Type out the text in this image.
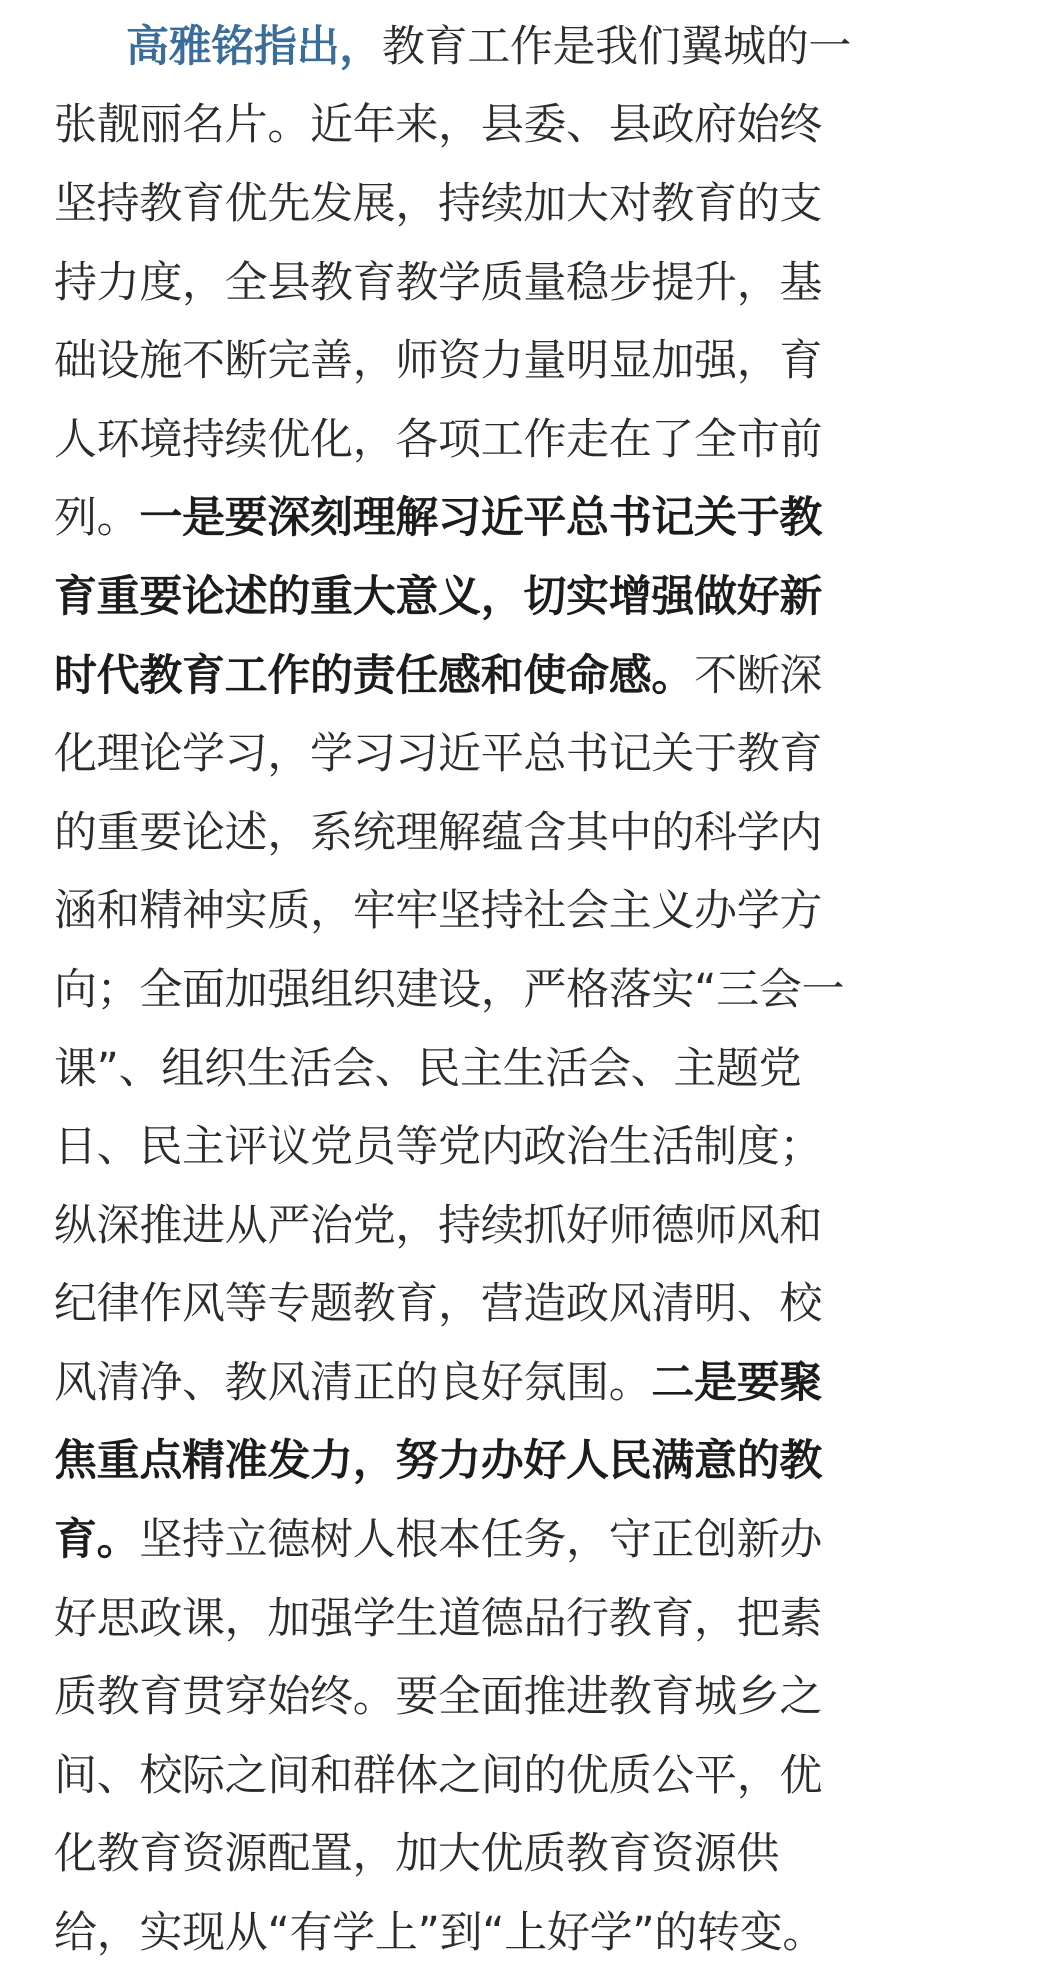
高雅铭指出， 教育工作是我们翼城的一
张靓丽名片。近年来，县委、县政府始终
坚持教育优先发展，持续加大对教育的支
持力度，全县教育教学质量稳步提升，基
础设施不断完善，师资力量明显加强，育
人环境持续优化，各项工作走在了全市前
列。 一是要深刻理解习近平总书记关于教
育重要论述的重大意义，切实增强做好新
时代教育工作的责任感和使命感。 不断深
化理论学习，学习习近平总书记关于教育
的重要论述，系统理解蕴含其中的科学内
涵和精神实质，牢牢坚持社会主义办学方
向；全面加强组织建设，严格落实“三会一
课”、组织生活会、民主生活会、主题党
日、民主评议党员等党内政治生活制度；
纵深推进从严治党，持续抓好师德师风和
纪律作风等专题教育，营造政风清明、校
风清净、教风清正的良好氛围。 二是要聚
焦重点精准发力，努力办好人民满意的教
育。 坚持立德树人根本任务，守正创新办
好思政课，加强学生道德品行教育，把素
质教育贯穿始终。要全面推进教育城乡之
间、校际之间和群体之间的优质公平，优
化教育资源配置，加大优质教育资源供
给，实现从“有学上”到“上好学”的转变。
